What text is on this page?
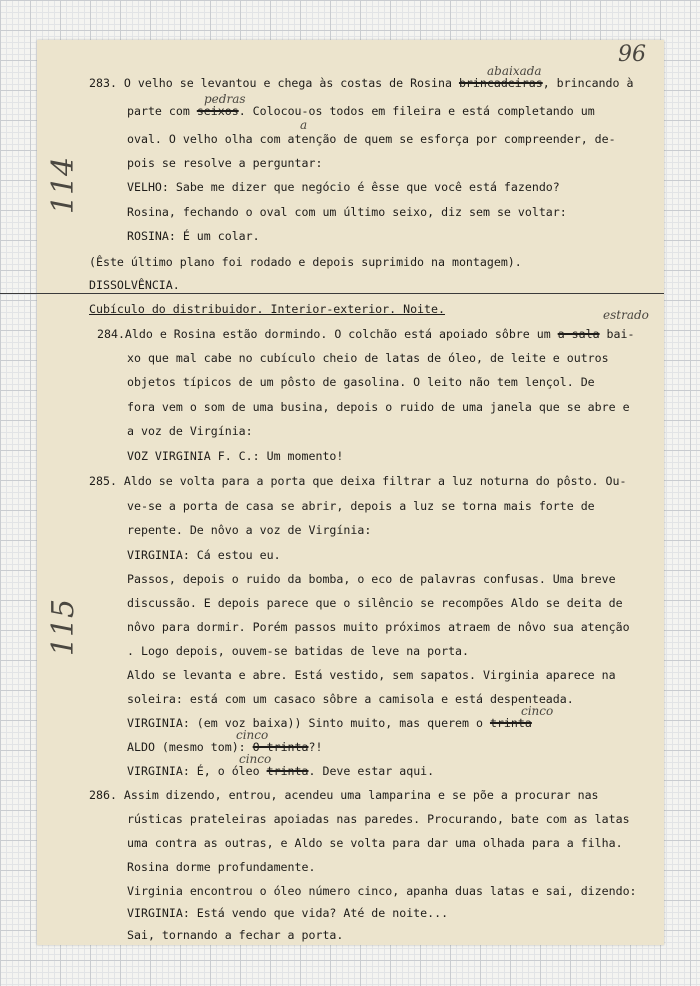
96
114
115
abaixada
pedras
a
estrado
cinco
cinco
cinco
283. O velho se levantou e chega às costas de Rosina brincadeiras, brincando à
parte com seixos. Colocou-os todos em fileira e está completando um
oval. O velho olha com atenção de quem se esforça por compreender, de-
pois se resolve a perguntar:
VELHO: Sabe me dizer que negócio é êsse que você está fazendo?
Rosina, fechando o oval com um último seixo, diz sem se voltar:
ROSINA: É um colar.
(Êste último plano foi rodado e depois suprimido na montagem).
DISSOLVÊNCIA.
Cubículo do distribuidor. Interior-exterior. Noite.
284.Aldo e Rosina estão dormindo. O colchão está apoiado sôbre um a sala bai-
xo que mal cabe no cubículo cheio de latas de óleo, de leite e outros
objetos típicos de um pôsto de gasolina. O leito não tem lençol. De
fora vem o som de uma busina, depois o ruido de uma janela que se abre e
a voz de Virgínia:
VOZ VIRGINIA F. C.: Um momento!
285. Aldo se volta para a porta que deixa filtrar a luz noturna do pôsto. Ou-
ve-se a porta de casa se abrir, depois a luz se torna mais forte de
repente. De nôvo a voz de Virgínia:
VIRGINIA: Cá estou eu.
Passos, depois o ruido da bomba, o eco de palavras confusas. Uma breve
discussão. E depois parece que o silêncio se recompões Aldo se deita de
nôvo para dormir. Porém passos muito próximos atraem de nôvo sua atenção
. Logo depois, ouvem-se batidas de leve na porta.
Aldo se levanta e abre. Está vestido, sem sapatos. Virginia aparece na
soleira: está com um casaco sôbre a camisola e está despenteada.
VIRGINIA: (em voz baixa)) Sinto muito, mas querem o trinta
ALDO (mesmo tom): O trinta?!
VIRGINIA: É, o óleo trinta. Deve estar aqui.
286. Assim dizendo, entrou, acendeu uma lamparina e se põe a procurar nas
rústicas prateleiras apoiadas nas paredes. Procurando, bate com as latas
uma contra as outras, e Aldo se volta para dar uma olhada para a filha.
Rosina dorme profundamente.
Virginia encontrou o óleo número cinco, apanha duas latas e sai, dizendo:
VIRGINIA: Está vendo que vida? Até de noite...
Sai, tornando a fechar a porta.
